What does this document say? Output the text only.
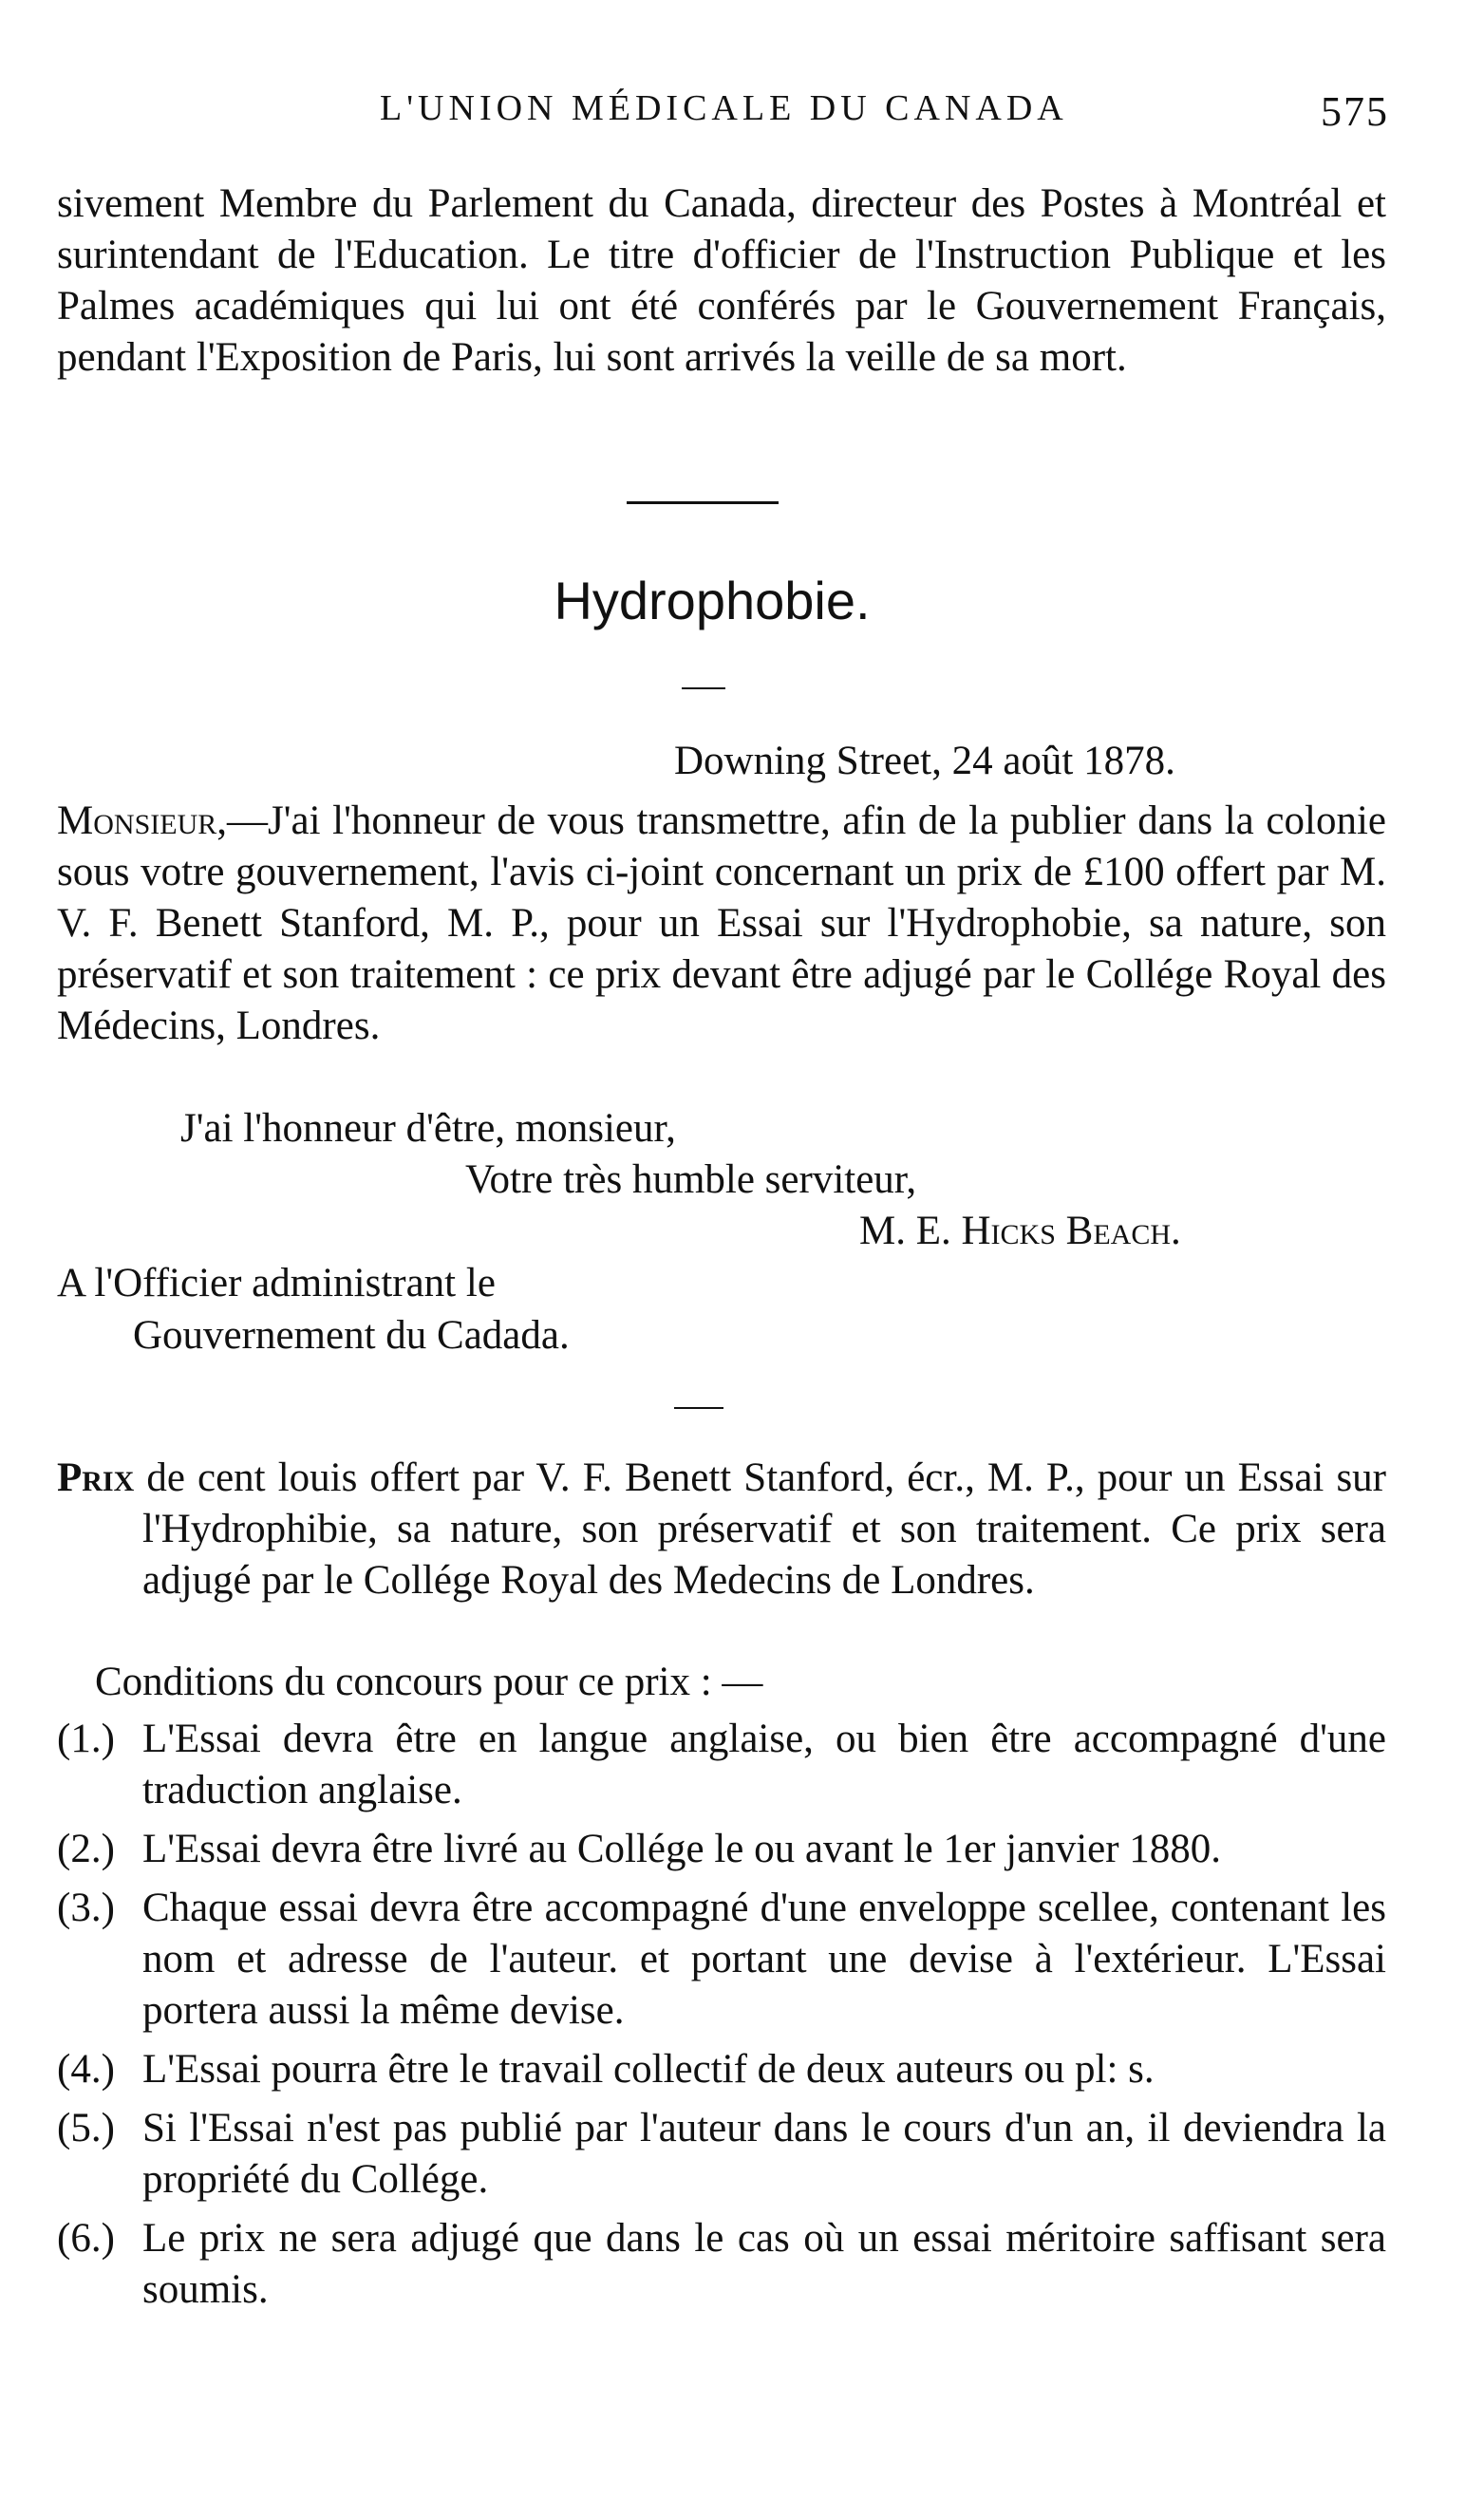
L'UNION MÉDICALE DU CANADA	575

sivement Membre du Parlement du Canada, directeur des Postes à Montréal et surintendant de l'Education. Le titre d'officier de l'Instruction Publique et les Palmes académiques qui lui ont été conférés par le Gouvernement Français, pendant l'Exposition de Paris, lui sont arrivés la veille de sa mort.

Hydrophobie.
Downing Street, 24 août 1878.

Monsieur,—J'ai l'honneur de vous transmettre, afin de la publier dans la colonie sous votre gouvernement, l'avis ci-joint concernant un prix de £100 offert par M. V. F. Benett Stanford, M. P., pour un Essai sur l'Hydrophobie, sa nature, son préservatif et son traitement : ce prix devant être adjugé par le Collége Royal des Médecins, Londres.

J'ai l'honneur d'être, monsieur,
Votre très humble serviteur,
M. E. Hicks Beach.
A l'Officier administrant le
Gouvernement du Cadada.

Prix de cent louis offert par V. F. Benett Stanford, écr., M. P., pour un Essai sur l'Hydrophibie, sa nature, son préservatif et son traitement. Ce prix sera adjugé par le Collége Royal des Medecins de Londres.

Conditions du concours pour ce prix : —

(1.) L'Essai devra être en langue anglaise, ou bien être accompagné d'une traduction anglaise.

(2.) L'Essai devra être livré au Collége le ou avant le 1er janvier 1880.

(3.) Chaque essai devra être accompagné d'une enveloppe scellee, contenant les nom et adresse de l'auteur. et portant une devise à l'extérieur. L'Essai portera aussi la même devise.

(4.) L'Essai pourra être le travail collectif de deux auteurs ou pl: s.

(5.) Si l'Essai n'est pas publié par l'auteur dans le cours d'un an, il deviendra la propriété du Collége.

(6.) Le prix ne sera adjugé que dans le cas où un essai méritoire saffisant sera soumis.
